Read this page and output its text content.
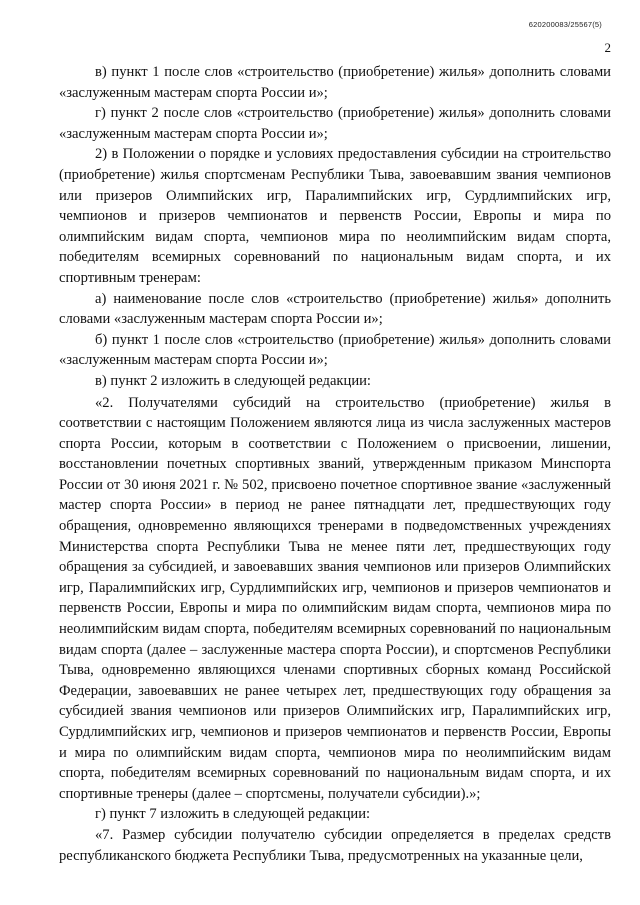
620200083/25567(5)
2

в) пункт 1 после слов «строительство (приобретение) жилья» дополнить словами «заслуженным мастерам спорта России и»;

г) пункт 2 после слов «строительство (приобретение) жилья» дополнить словами «заслуженным мастерам спорта России и»;

2) в Положении о порядке и условиях предоставления субсидии на строительство (приобретение) жилья спортсменам Республики Тыва, завоевавшим звания чемпионов или призеров Олимпийских игр, Паралимпийских игр, Сурдлимпийских игр, чемпионов и призеров чемпионатов и первенств России, Европы и мира по олимпийским видам спорта, чемпионов мира по неолимпийским видам спорта, победителям всемирных соревнований по национальным видам спорта, и их спортивным тренерам:

а) наименование после слов «строительство (приобретение) жилья» дополнить словами «заслуженным мастерам спорта России и»;

б) пункт 1 после слов «строительство (приобретение) жилья» дополнить словами «заслуженным мастерам спорта России и»;

в) пункт 2 изложить в следующей редакции:

«2. Получателями субсидий на строительство (приобретение) жилья в соответствии с настоящим Положением являются лица из числа заслуженных мастеров спорта России, которым в соответствии с Положением о присвоении, лишении, восстановлении почетных спортивных званий, утвержденным приказом Минспорта России от 30 июня 2021 г. № 502, присвоено почетное спортивное звание «заслуженный мастер спорта России» в период не ранее пятнадцати лет, предшествующих году обращения, одновременно являющихся тренерами в подведомственных учреждениях Министерства спорта Республики Тыва не менее пяти лет, предшествующих году обращения за субсидией, и завоевавших звания чемпионов или призеров Олимпийских игр, Паралимпийских игр, Сурдлимпийских игр, чемпионов и призеров чемпионатов и первенств России, Европы и мира по олимпийским видам спорта, чемпионов мира по неолимпийским видам спорта, победителям всемирных соревнований по национальным видам спорта (далее – заслуженные мастера спорта России), и спортсменов Республики Тыва, одновременно являющихся членами спортивных сборных команд Российской Федерации, завоевавших не ранее четырех лет, предшествующих году обращения за субсидией звания чемпионов или призеров Олимпийских игр, Паралимпийских игр, Сурдлимпийских игр, чемпионов и призеров чемпионатов и первенств России, Европы и мира по олимпийским видам спорта, чемпионов мира по неолимпийским видам спорта, победителям всемирных соревнований по национальным видам спорта, и их спортивные тренеры (далее – спортсмены, получатели субсидии).»;

г) пункт 7 изложить в следующей редакции:

«7. Размер субсидии получателю субсидии определяется в пределах средств республиканского бюджета Республики Тыва, предусмотренных на указанные цели,
